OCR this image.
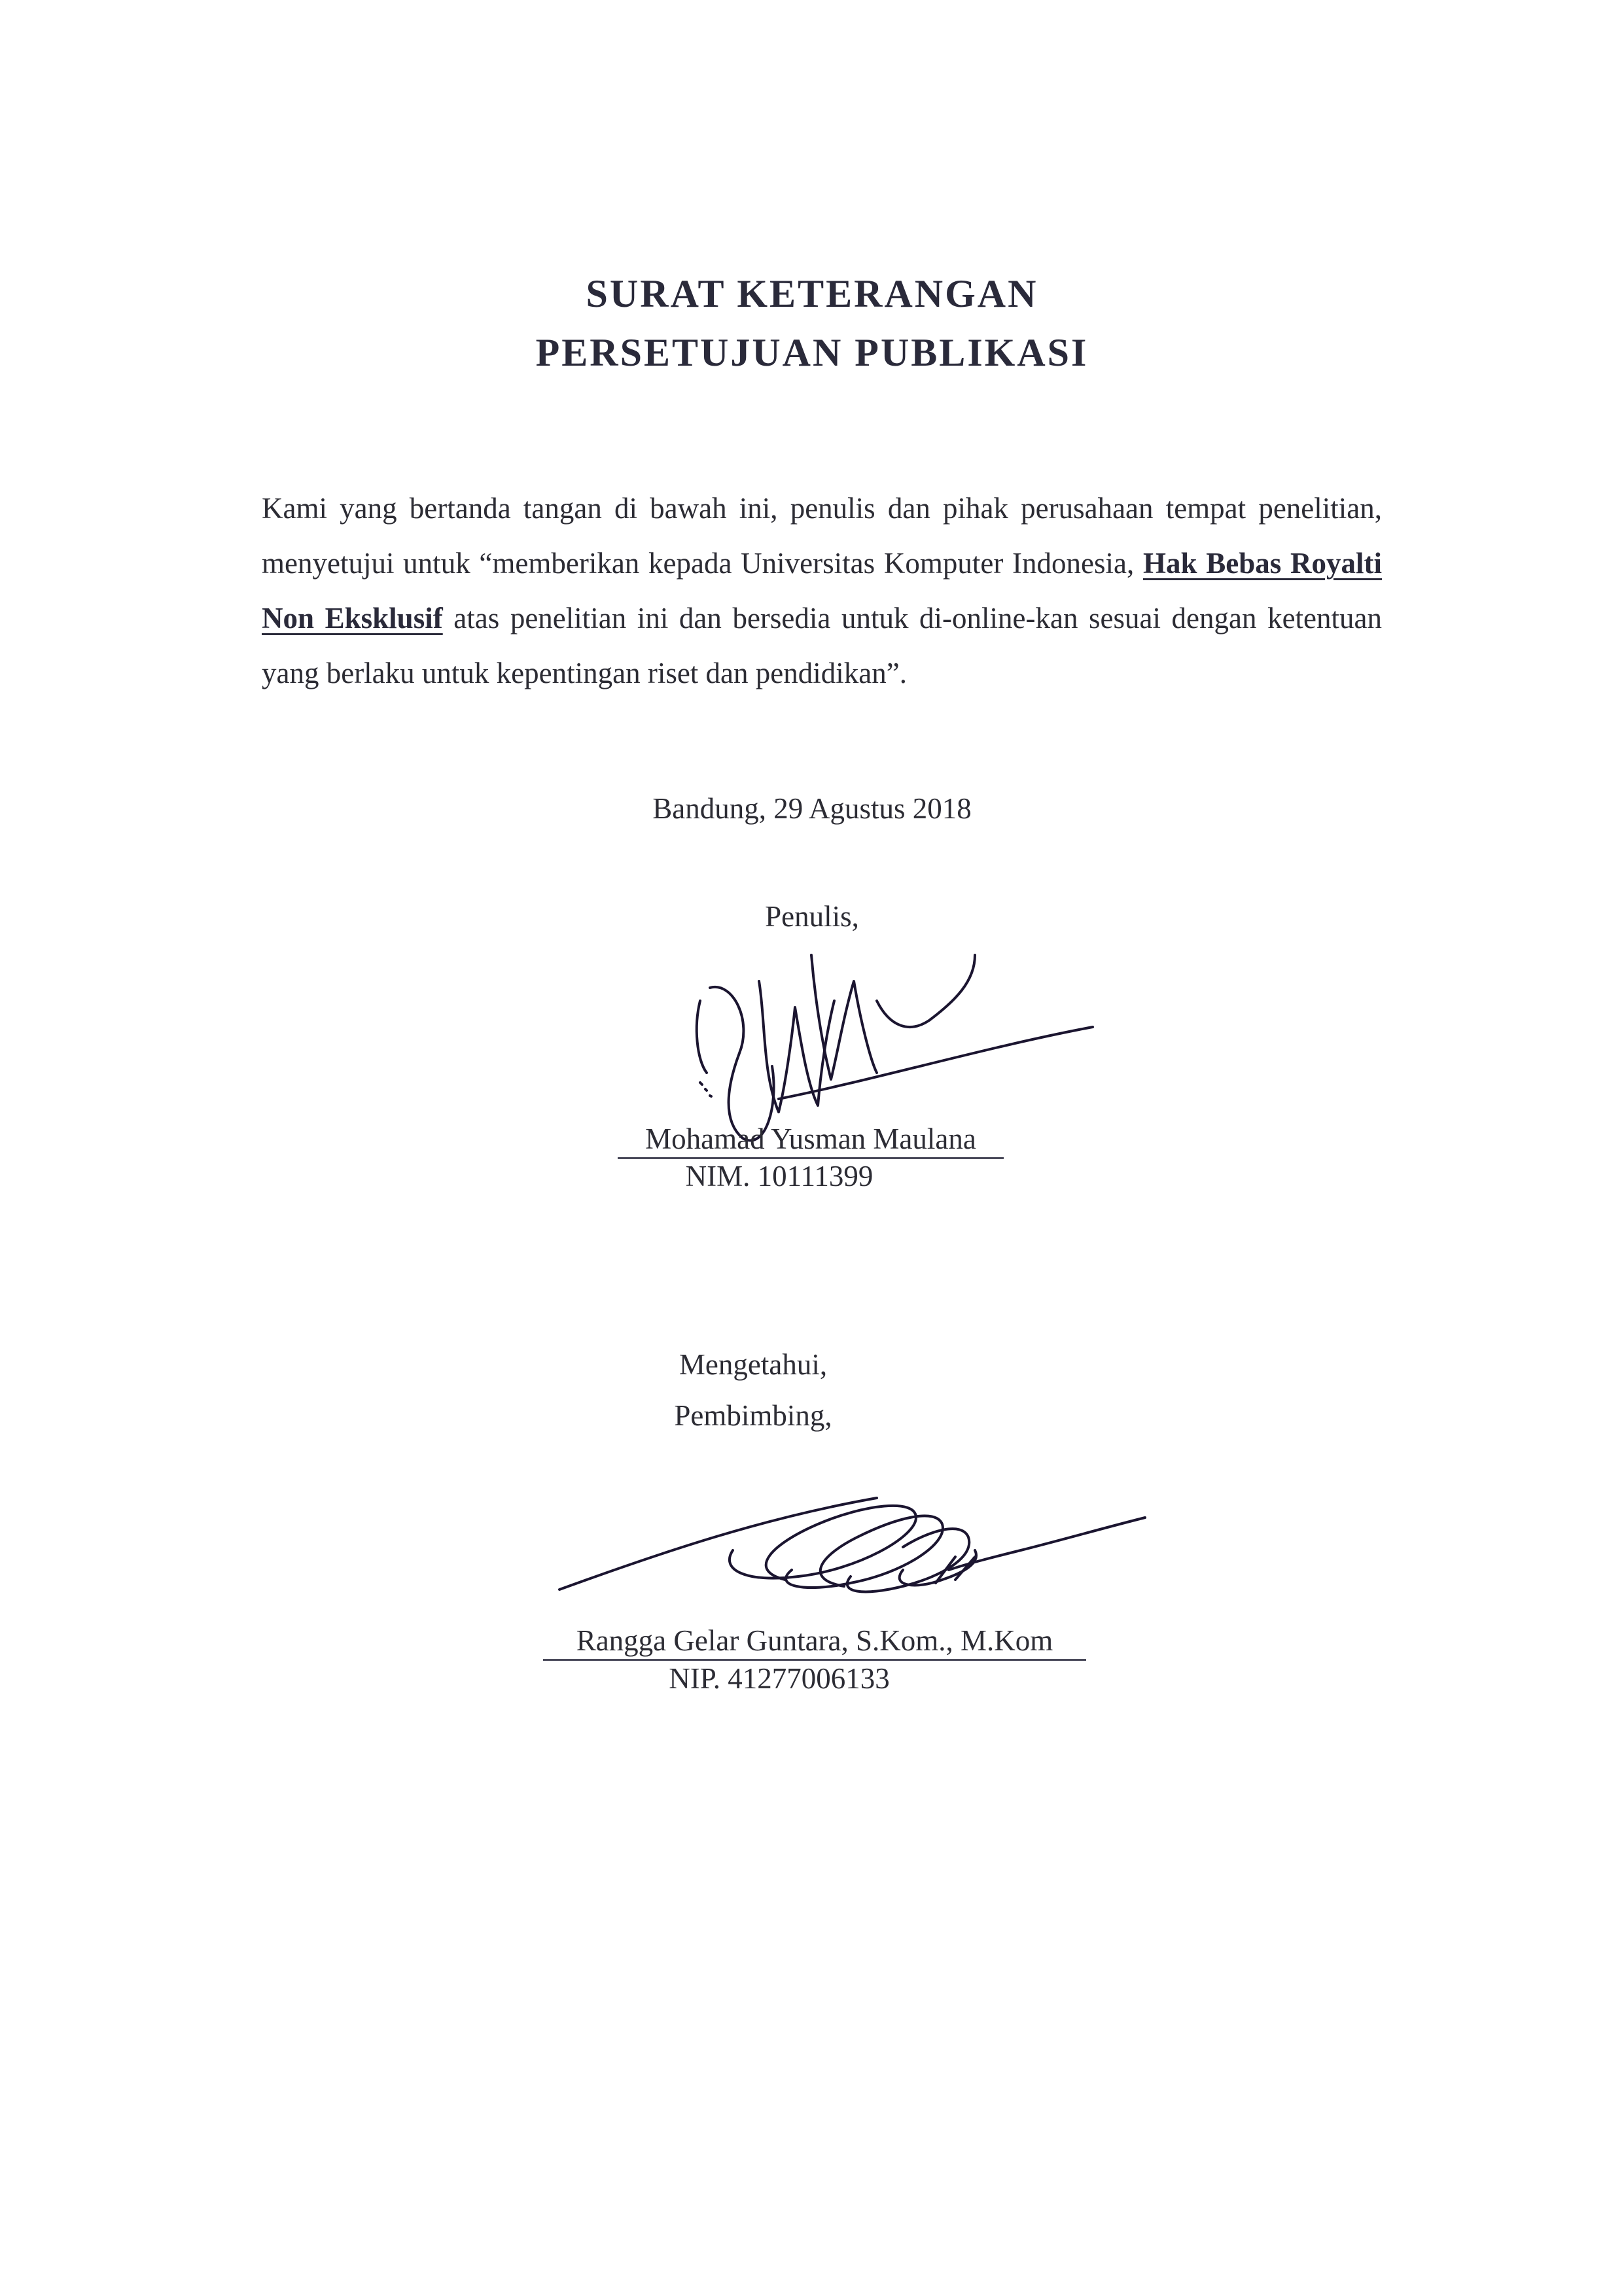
SURAT KETERANGAN
PERSETUJUAN PUBLIKASI

Kami yang bertanda tangan di bawah ini, penulis dan pihak perusahaan tempat penelitian, menyetujui untuk “memberikan kepada Universitas Komputer Indonesia, Hak Bebas Royalti Non Eksklusif atas penelitian ini dan bersedia untuk di-online-kan sesuai dengan ketentuan yang berlaku untuk kepentingan riset dan pendidikan”.

Bandung, 29 Agustus 2018
Penulis,
Mohamad Yusman Maulana
NIM. 10111399
Mengetahui,
Pembimbing,
Rangga Gelar Guntara, S.Kom., M.Kom
NIP. 41277006133
